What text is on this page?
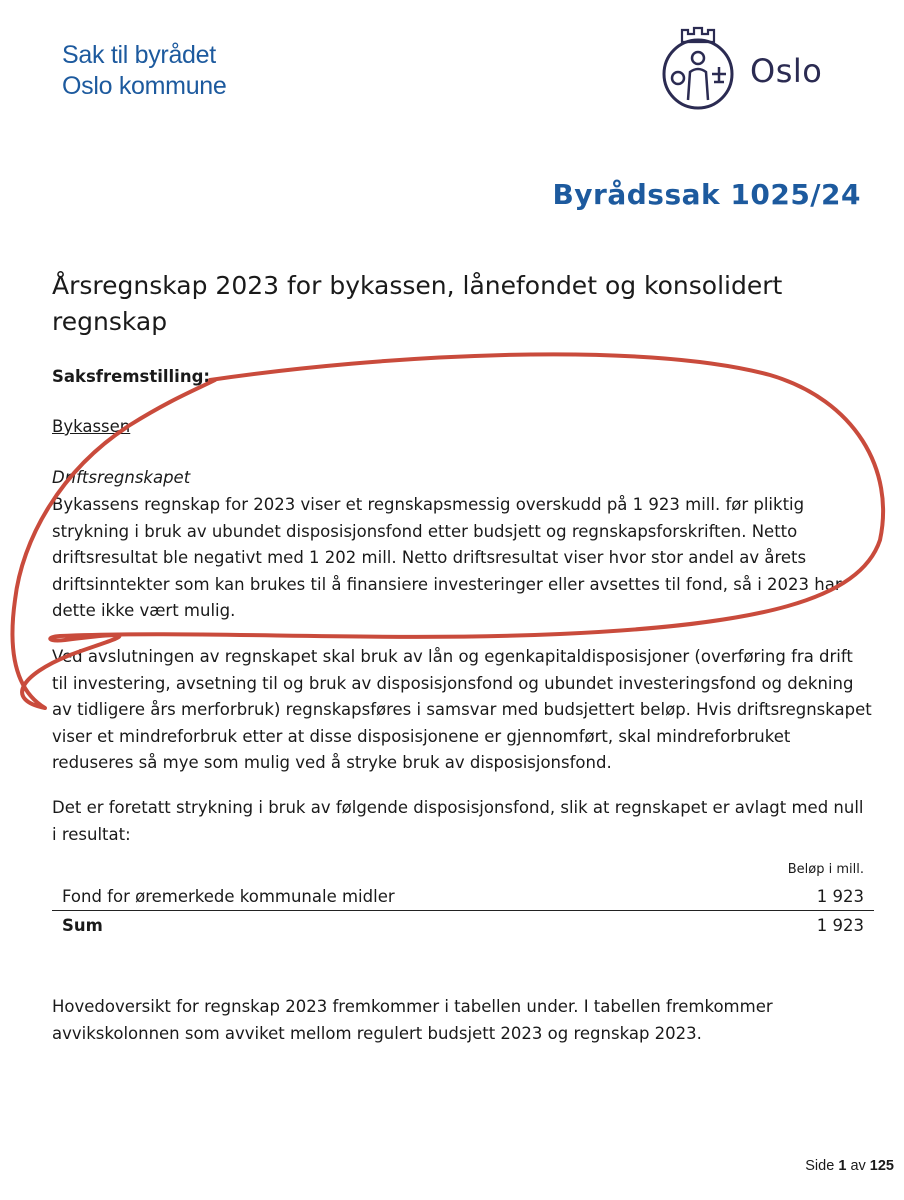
Sak til byrådet
Oslo kommune	Oslo
Byrådssak 1025/24
Årsregnskap 2023 for bykassen, lånefondet og konsolidert regnskap
Saksfremstilling:
Bykassen
Driftsregnskapet
Bykassens regnskap for 2023 viser et regnskapsmessig overskudd på 1 923 mill. før pliktig strykning i bruk av ubundet disposisjonsfond etter budsjett og regnskapsforskriften. Netto driftsresultat ble negativt med 1 202 mill. Netto driftsresultat viser hvor stor andel av årets driftsinntekter som kan brukes til å finansiere investeringer eller avsettes til fond, så i 2023 har dette ikke vært mulig.
Ved avslutningen av regnskapet skal bruk av lån og egenkapitaldisposisjoner (overføring fra drift til investering, avsetning til og bruk av disposisjonsfond og ubundet investeringsfond og dekning av tidligere års merforbruk) regnskapsføres i samsvar med budsjettert beløp. Hvis driftsregnskapet viser et mindreforbruk etter at disse disposisjonene er gjennomført, skal mindreforbruket reduseres så mye som mulig ved å stryke bruk av disposisjonsfond.
Det er foretatt strykning i bruk av følgende disposisjonsfond, slik at regnskapet er avlagt med null i resultat:
Beløp i mill.
Fond for øremerkede kommunale midler	1 923
Sum	1 923
Hovedoversikt for regnskap 2023 fremkommer i tabellen under. I tabellen fremkommer avvikskolonnen som avviket mellom regulert budsjett 2023 og regnskap 2023.
Side 1 av 125
